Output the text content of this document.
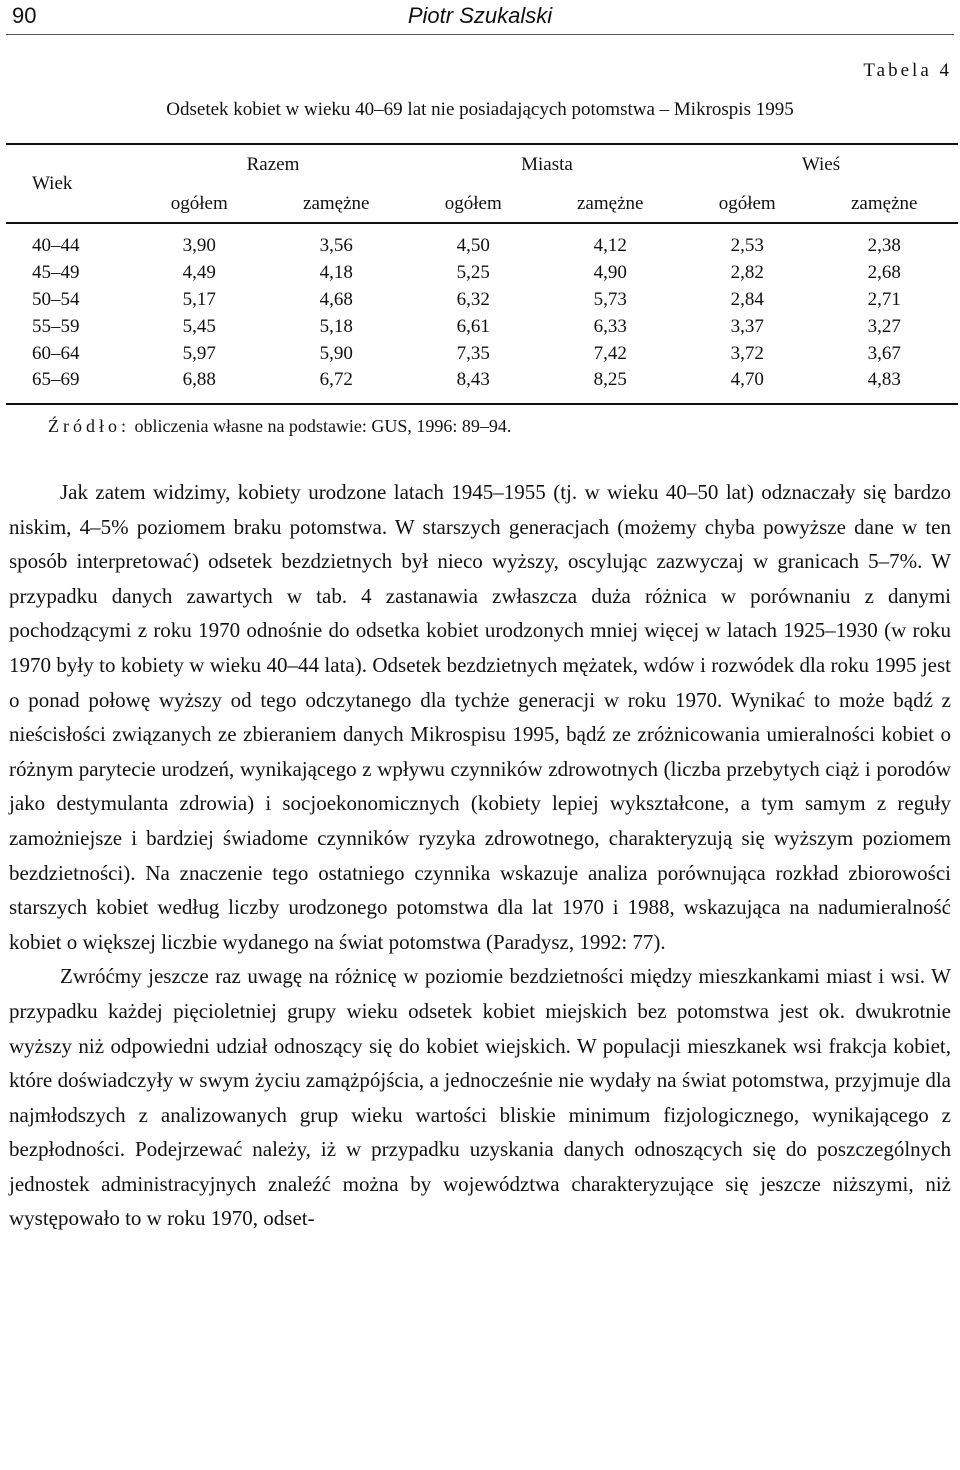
90	Piotr Szukalski
Tabela 4
Odsetek kobiet w wieku 40–69 lat nie posiadających potomstwa – Mikrospis 1995
Wiek	Razem		Miasta		Wieś	
	ogółem	zamężne	ogółem	zamężne	ogółem	zamężne
40–44	3,90	3,56	4,50	4,12	2,53	2,38
45–49	4,49	4,18	5,25	4,90	2,82	2,68
50–54	5,17	4,68	6,32	5,73	2,84	2,71
55–59	5,45	5,18	6,61	6,33	3,37	3,27
60–64	5,97	5,90	7,35	7,42	3,72	3,67
65–69	6,88	6,72	8,43	8,25	4,70	4,83
Źródło: obliczenia własne na podstawie: GUS, 1996: 89–94.

Jak zatem widzimy, kobiety urodzone latach 1945–1955 (tj. w wieku 40–50 lat) odznaczały się bardzo niskim, 4–5% poziomem braku potomstwa. W starszych generacjach (możemy chyba powyższe dane w ten sposób interpretować) odsetek bezdzietnych był nieco wyższy, oscylując zazwyczaj w granicach 5–7%. W przypadku danych zawartych w tab. 4 zastanawia zwłaszcza duża różnica w porównaniu z danymi pochodzącymi z roku 1970 odnośnie do odsetka kobiet urodzonych mniej więcej w latach 1925–1930 (w roku 1970 były to kobiety w wieku 40–44 lata). Odsetek bezdzietnych mężatek, wdów i rozwódek dla roku 1995 jest o ponad połowę wyższy od tego odczytanego dla tychże generacji w roku 1970. Wynikać to może bądź z nieścisłości związanych ze zbieraniem danych Mikrospisu 1995, bądź ze zróżnicowania umieralności kobiet o różnym parytecie urodzeń, wynikającego z wpływu czynników zdrowotnych (liczba przebytych ciąż i porodów jako destymulanta zdrowia) i socjoekonomicznych (kobiety lepiej wykształcone, a tym samym z reguły zamożniejsze i bardziej świadome czynników ryzyka zdrowotnego, charakteryzują się wyższym poziomem bezdzietności). Na znaczenie tego ostatniego czynnika wskazuje analiza porównująca rozkład zbiorowości starszych kobiet według liczby urodzonego potomstwa dla lat 1970 i 1988, wskazująca na nadumieralność kobiet o większej liczbie wydanego na świat potomstwa (Paradysz, 1992: 77).

Zwróćmy jeszcze raz uwagę na różnicę w poziomie bezdzietności między mieszkankami miast i wsi. W przypadku każdej pięcioletniej grupy wieku odsetek kobiet miejskich bez potomstwa jest ok. dwukrotnie wyższy niż odpowiedni udział odnoszący się do kobiet wiejskich. W populacji mieszkanek wsi frakcja kobiet, które doświadczyły w swym życiu zamążpójścia, a jednocześnie nie wydały na świat potomstwa, przyjmuje dla najmłodszych z analizowanych grup wieku wartości bliskie minimum fizjologicznego, wynikającego z bezpłodności. Podejrzewać należy, iż w przypadku uzyskania danych odnoszących się do poszczególnych jednostek administracyjnych znaleźć można by województwa charakteryzujące się jeszcze niższymi, niż występowało to w roku 1970, odset-
